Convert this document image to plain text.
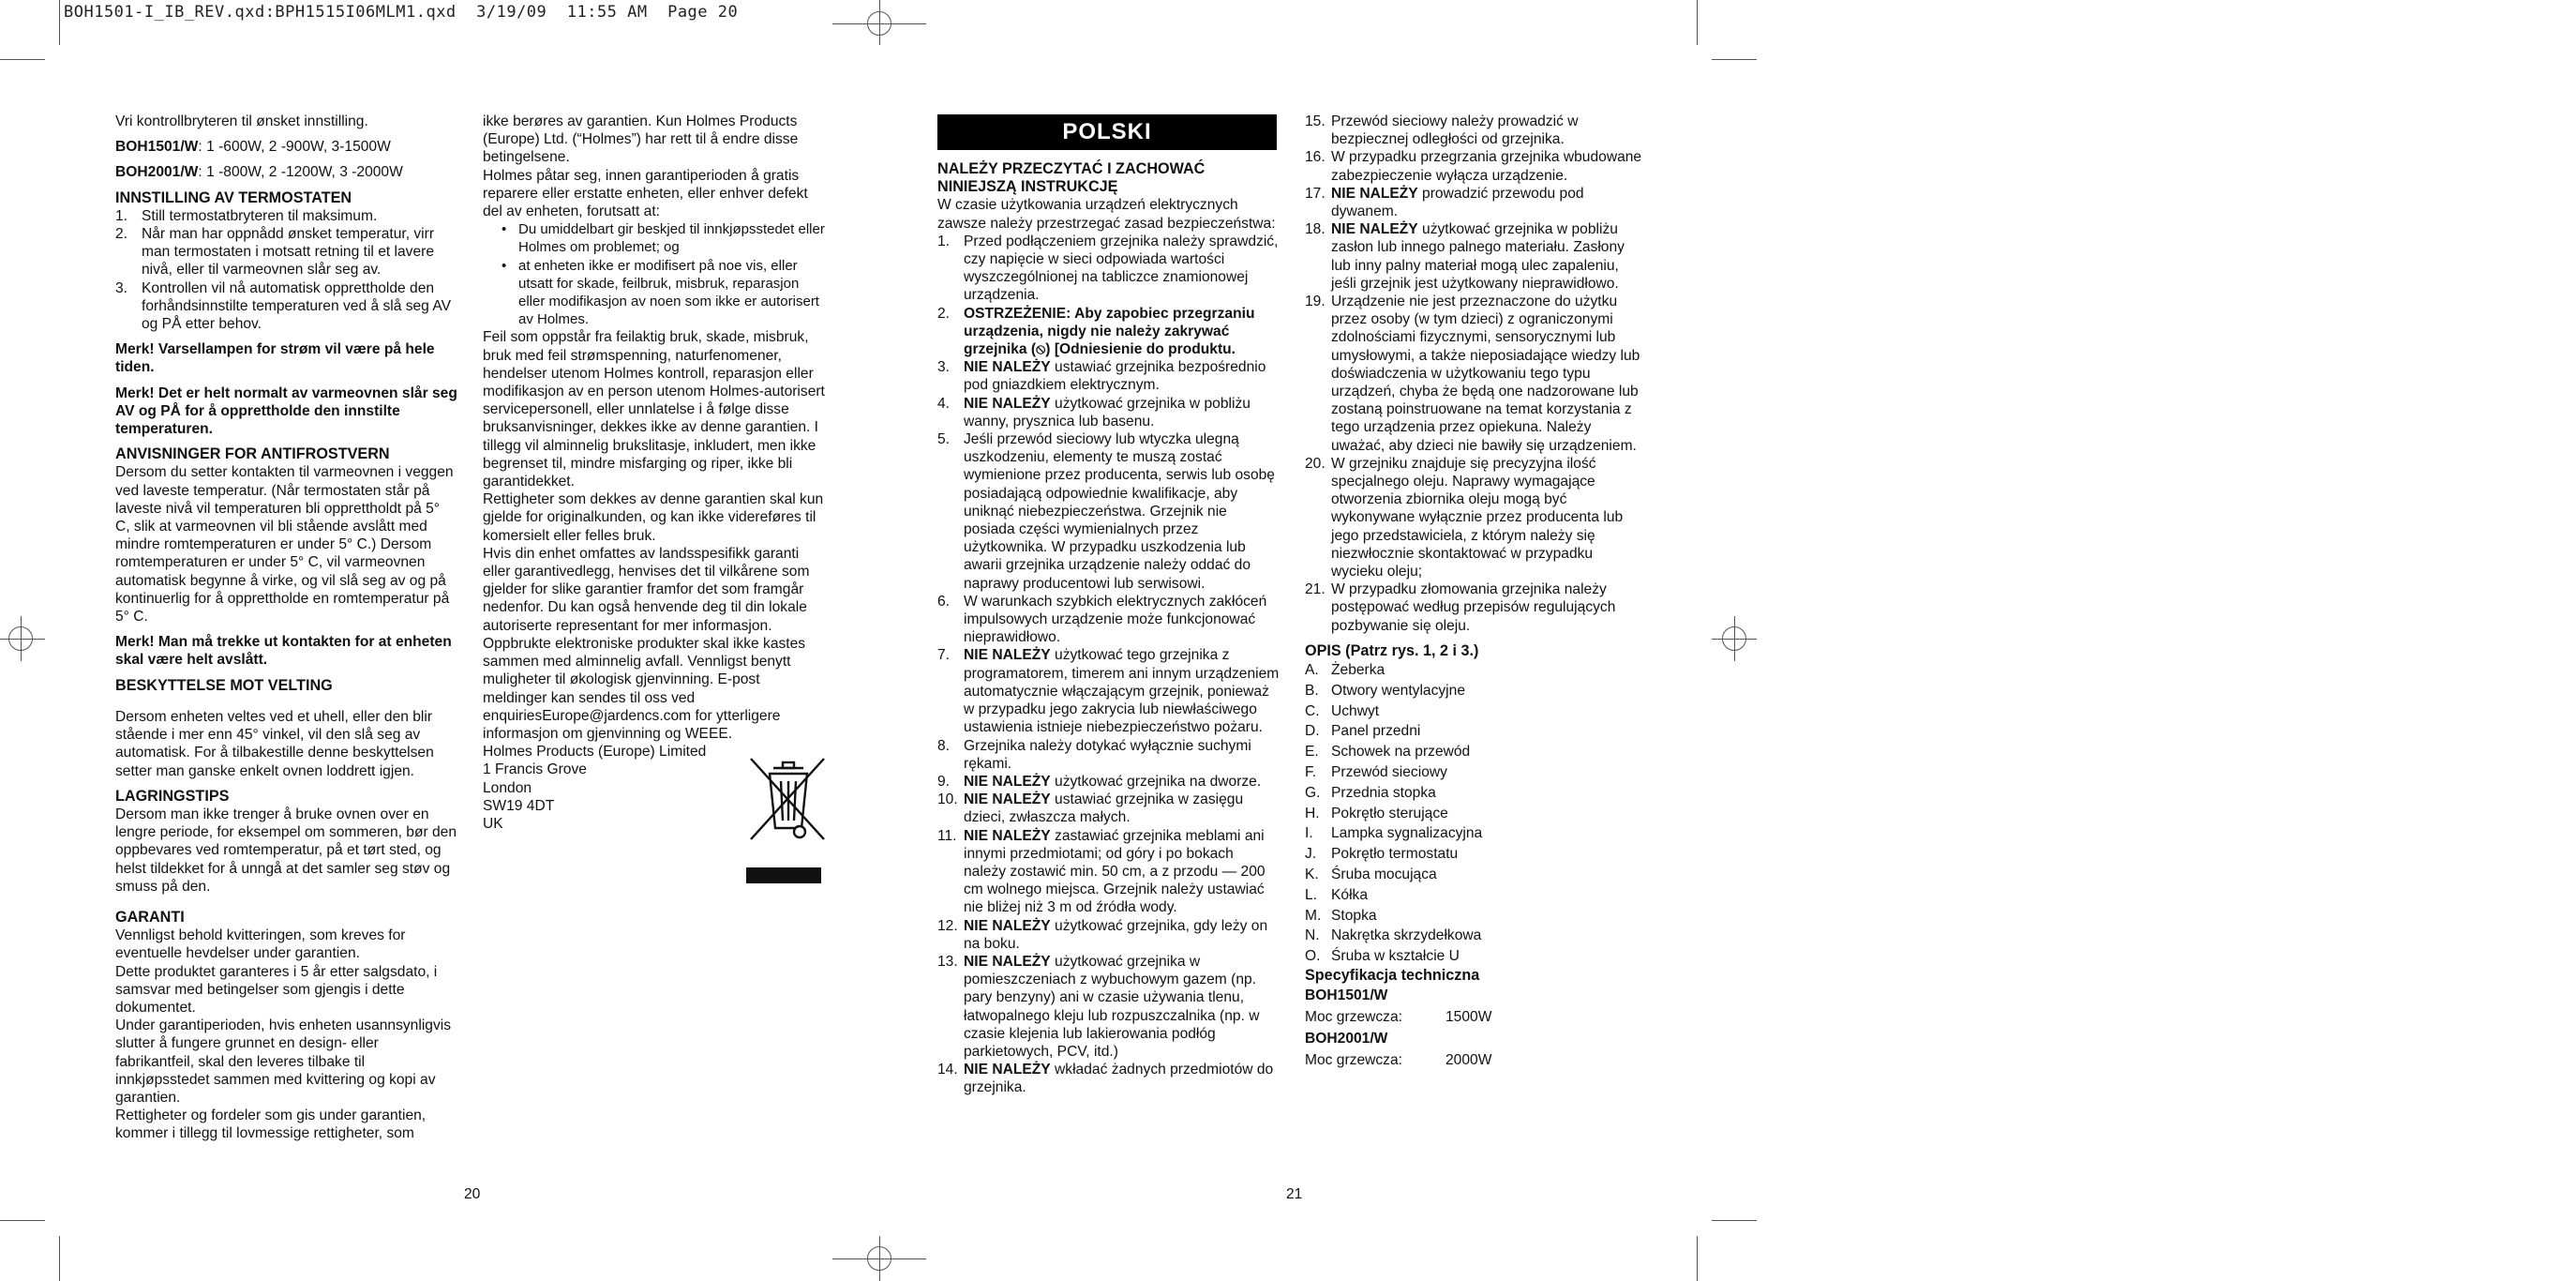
BOH1501-I_IB_REV.qxd:BPH1515I06MLM1.qxd  3/19/09  11:55 AM  Page 20

Vri kontrollbryteren til ønsket innstilling.

BOH1501/W: 1 -600W, 2 -900W, 3-1500W

BOH2001/W: 1 -800W, 2 -1200W, 3 -2000W

INNSTILLING AV TERMOSTATEN
1. Still termostatbryteren til maksimum.
2. Når man har oppnådd ønsket temperatur, virr man termostaten i motsatt retning til et lavere nivå, eller til varmeovnen slår seg av.
3. Kontrollen vil nå automatisk opprettholde den forhåndsinnstilte temperaturen ved å slå seg AV og PÅ etter behov.

Merk! Varsellampen for strøm vil være på hele tiden.

Merk! Det er helt normalt av varmeovnen slår seg AV og PÅ for å opprettholde den innstilte temperaturen.

ANVISNINGER FOR ANTIFROSTVERN

Dersom du setter kontakten til varmeovnen i veggen ved laveste temperatur. (Når termostaten står på laveste nivå vil temperaturen bli opprettholdt på 5° C, slik at varmeovnen vil bli stående avslått med mindre romtemperaturen er under 5° C.) Dersom romtemperaturen er under 5° C, vil varmeovnen automatisk begynne å virke, og vil slå seg av og på kontinuerlig for å opprettholde en romtemperatur på 5° C.

Merk! Man må trekke ut kontakten for at enheten skal være helt avslått.

BESKYTTELSE MOT VELTING

Dersom enheten veltes ved et uhell, eller den blir stående i mer enn 45° vinkel, vil den slå seg av automatisk. For å tilbakestille denne beskyttelsen setter man ganske enkelt ovnen loddrett igjen.

LAGRINGSTIPS

Dersom man ikke trenger å bruke ovnen over en lengre periode, for eksempel om sommeren, bør den oppbevares ved romtemperatur, på et tørt sted, og helst tildekket for å unngå at det samler seg støv og smuss på den.

GARANTI

Vennligst behold kvitteringen, som kreves for eventuelle hevdelser under garantien.

Dette produktet garanteres i 5 år etter salgsdato, i samsvar med betingelser som gjengis i dette dokumentet.

Under garantiperioden, hvis enheten usannsynligvis slutter å fungere grunnet en design- eller fabrikantfeil, skal den leveres tilbake til innkjøpsstedet sammen med kvittering og kopi av garantien.

Rettigheter og fordeler som gis under garantien, kommer i tillegg til lovmessige rettigheter, som

ikke berøres av garantien. Kun Holmes Products (Europe) Ltd. (“Holmes”) har rett til å endre disse betingelsene.

Holmes påtar seg, innen garantiperioden å gratis reparere eller erstatte enheten, eller enhver defekt del av enheten, forutsatt at:

• Du umiddelbart gir beskjed til innkjøpsstedet eller Holmes om problemet; og
• at enheten ikke er modifisert på noe vis, eller utsatt for skade, feilbruk, misbruk, reparasjon eller modifikasjon av noen som ikke er autorisert av Holmes.

Feil som oppstår fra feilaktig bruk, skade, misbruk, bruk med feil strømspenning, naturfenomener, hendelser utenom Holmes kontroll, reparasjon eller modifikasjon av en person utenom Holmes-autorisert servicepersonell, eller unnlatelse i å følge disse bruksanvisninger, dekkes ikke av denne garantien. I tillegg vil alminnelig brukslitasje, inkludert, men ikke begrenset til, mindre misfarging og riper, ikke bli garantidekket.

Rettigheter som dekkes av denne garantien skal kun gjelde for originalkunden, og kan ikke videreføres til komersielt eller felles bruk.

Hvis din enhet omfattes av landsspesifikk garanti eller garantivedlegg, henvises det til vilkårene som gjelder for slike garantier framfor det som framgår nedenfor. Du kan også henvende deg til din lokale autoriserte representant for mer informasjon.

Oppbrukte elektroniske produkter skal ikke kastes sammen med alminnelig avfall. Vennligst benytt muligheter til økologisk gjenvinning. E-post meldinger kan sendes til oss ved enquiriesEurope@jardencs.com for ytterligere informasjon om gjenvinning og WEEE.

Holmes Products (Europe) Limited

1 Francis Grove

London

SW19 4DT

UK

20
POLSKI
NALEŻY PRZECZYTAĆ I ZACHOWAĆ NINIEJSZĄ INSTRUKCJĘ

W czasie użytkowania urządzeń elektrycznych zawsze należy przestrzegać zasad bezpieczeństwa:

1. Przed podłączeniem grzejnika należy sprawdzić, czy napięcie w sieci odpowiada wartości wyszczególnionej na tabliczce znamionowej urządzenia.
2. OSTRZEŻENIE: Aby zapobiec przegrzaniu urządzenia, nigdy nie należy zakrywać grzejnika (⦸) [Odniesienie do produktu.
3. NIE NALEŻY ustawiać grzejnika bezpośrednio pod gniazdkiem elektrycznym.
4. NIE NALEŻY użytkować grzejnika w pobliżu wanny, prysznica lub basenu.
5. Jeśli przewód sieciowy lub wtyczka ulegną uszkodzeniu, elementy te muszą zostać wymienione przez producenta, serwis lub osobę posiadającą odpowiednie kwalifikacje, aby uniknąć niebezpieczeństwa. Grzejnik nie posiada części wymienialnych przez użytkownika. W przypadku uszkodzenia lub awarii grzejnika urządzenie należy oddać do naprawy producentowi lub serwisowi.
6. W warunkach szybkich elektrycznych zakłóceń impulsowych urządzenie może funkcjonować nieprawidłowo.
7. NIE NALEŻY użytkować tego grzejnika z programatorem, timerem ani innym urządzeniem automatycznie włączającym grzejnik, ponieważ w przypadku jego zakrycia lub niewłaściwego ustawienia istnieje niebezpieczeństwo pożaru.
8. Grzejnika należy dotykać wyłącznie suchymi rękami.
9. NIE NALEŻY użytkować grzejnika na dworze.
10. NIE NALEŻY ustawiać grzejnika w zasięgu dzieci, zwłaszcza małych.
11. NIE NALEŻY zastawiać grzejnika meblami ani innymi przedmiotami; od góry i po bokach należy zostawić min. 50 cm, a z przodu — 200 cm wolnego miejsca. Grzejnik należy ustawiać nie bliżej niż 3 m od źródła wody.
12. NIE NALEŻY użytkować grzejnika, gdy leży on na boku.
13. NIE NALEŻY użytkować grzejnika w pomieszczeniach z wybuchowym gazem (np. pary benzyny) ani w czasie używania tlenu, łatwopalnego kleju lub rozpuszczalnika (np. w czasie klejenia lub lakierowania podłóg parkietowych, PCV, itd.)
14. NIE NALEŻY wkładać żadnych przedmiotów do grzejnika.
15. Przewód sieciowy należy prowadzić w bezpiecznej odległości od grzejnika.
16. W przypadku przegrzania grzejnika wbudowane zabezpieczenie wyłącza urządzenie.
17. NIE NALEŻY prowadzić przewodu pod dywanem.
18. NIE NALEŻY użytkować grzejnika w pobliżu zasłon lub innego palnego materiału. Zasłony lub inny palny materiał mogą ulec zapaleniu, jeśli grzejnik jest użytkowany nieprawidłowo.
19. Urządzenie nie jest przeznaczone do użytku przez osoby (w tym dzieci) z ograniczonymi zdolnościami fizycznymi, sensorycznymi lub umysłowymi, a także nieposiadające wiedzy lub doświadczenia w użytkowaniu tego typu urządzeń, chyba że będą one nadzorowane lub zostaną poinstruowane na temat korzystania z tego urządzenia przez opiekuna. Należy uważać, aby dzieci nie bawiły się urządzeniem.
20. W grzejniku znajduje się precyzyjna ilość specjalnego oleju. Naprawy wymagające otworzenia zbiornika oleju mogą być wykonywane wyłącznie przez producenta lub jego przedstawiciela, z którym należy się niezwłocznie skontaktować w przypadku wycieku oleju;
21. W przypadku złomowania grzejnika należy postępować według przepisów regulujących pozbywanie się oleju.
OPIS (Patrz rys. 1, 2 i 3.)
A. Żeberka
B. Otwory wentylacyjne
C. Uchwyt
D. Panel przedni
E. Schowek na przewód
F. Przewód sieciowy
G. Przednia stopka
H. Pokrętło sterujące
I. Lampka sygnalizacyjna
J. Pokrętło termostatu
K. Śruba mocująca
L. Kółka
M. Stopka
N. Nakrętka skrzydełkowa
O. Śruba w kształcie U
Specyfikacja techniczna

BOH1501/W

Moc grzewcza:	1500W

BOH2001/W

Moc grzewcza:	2000W
21
